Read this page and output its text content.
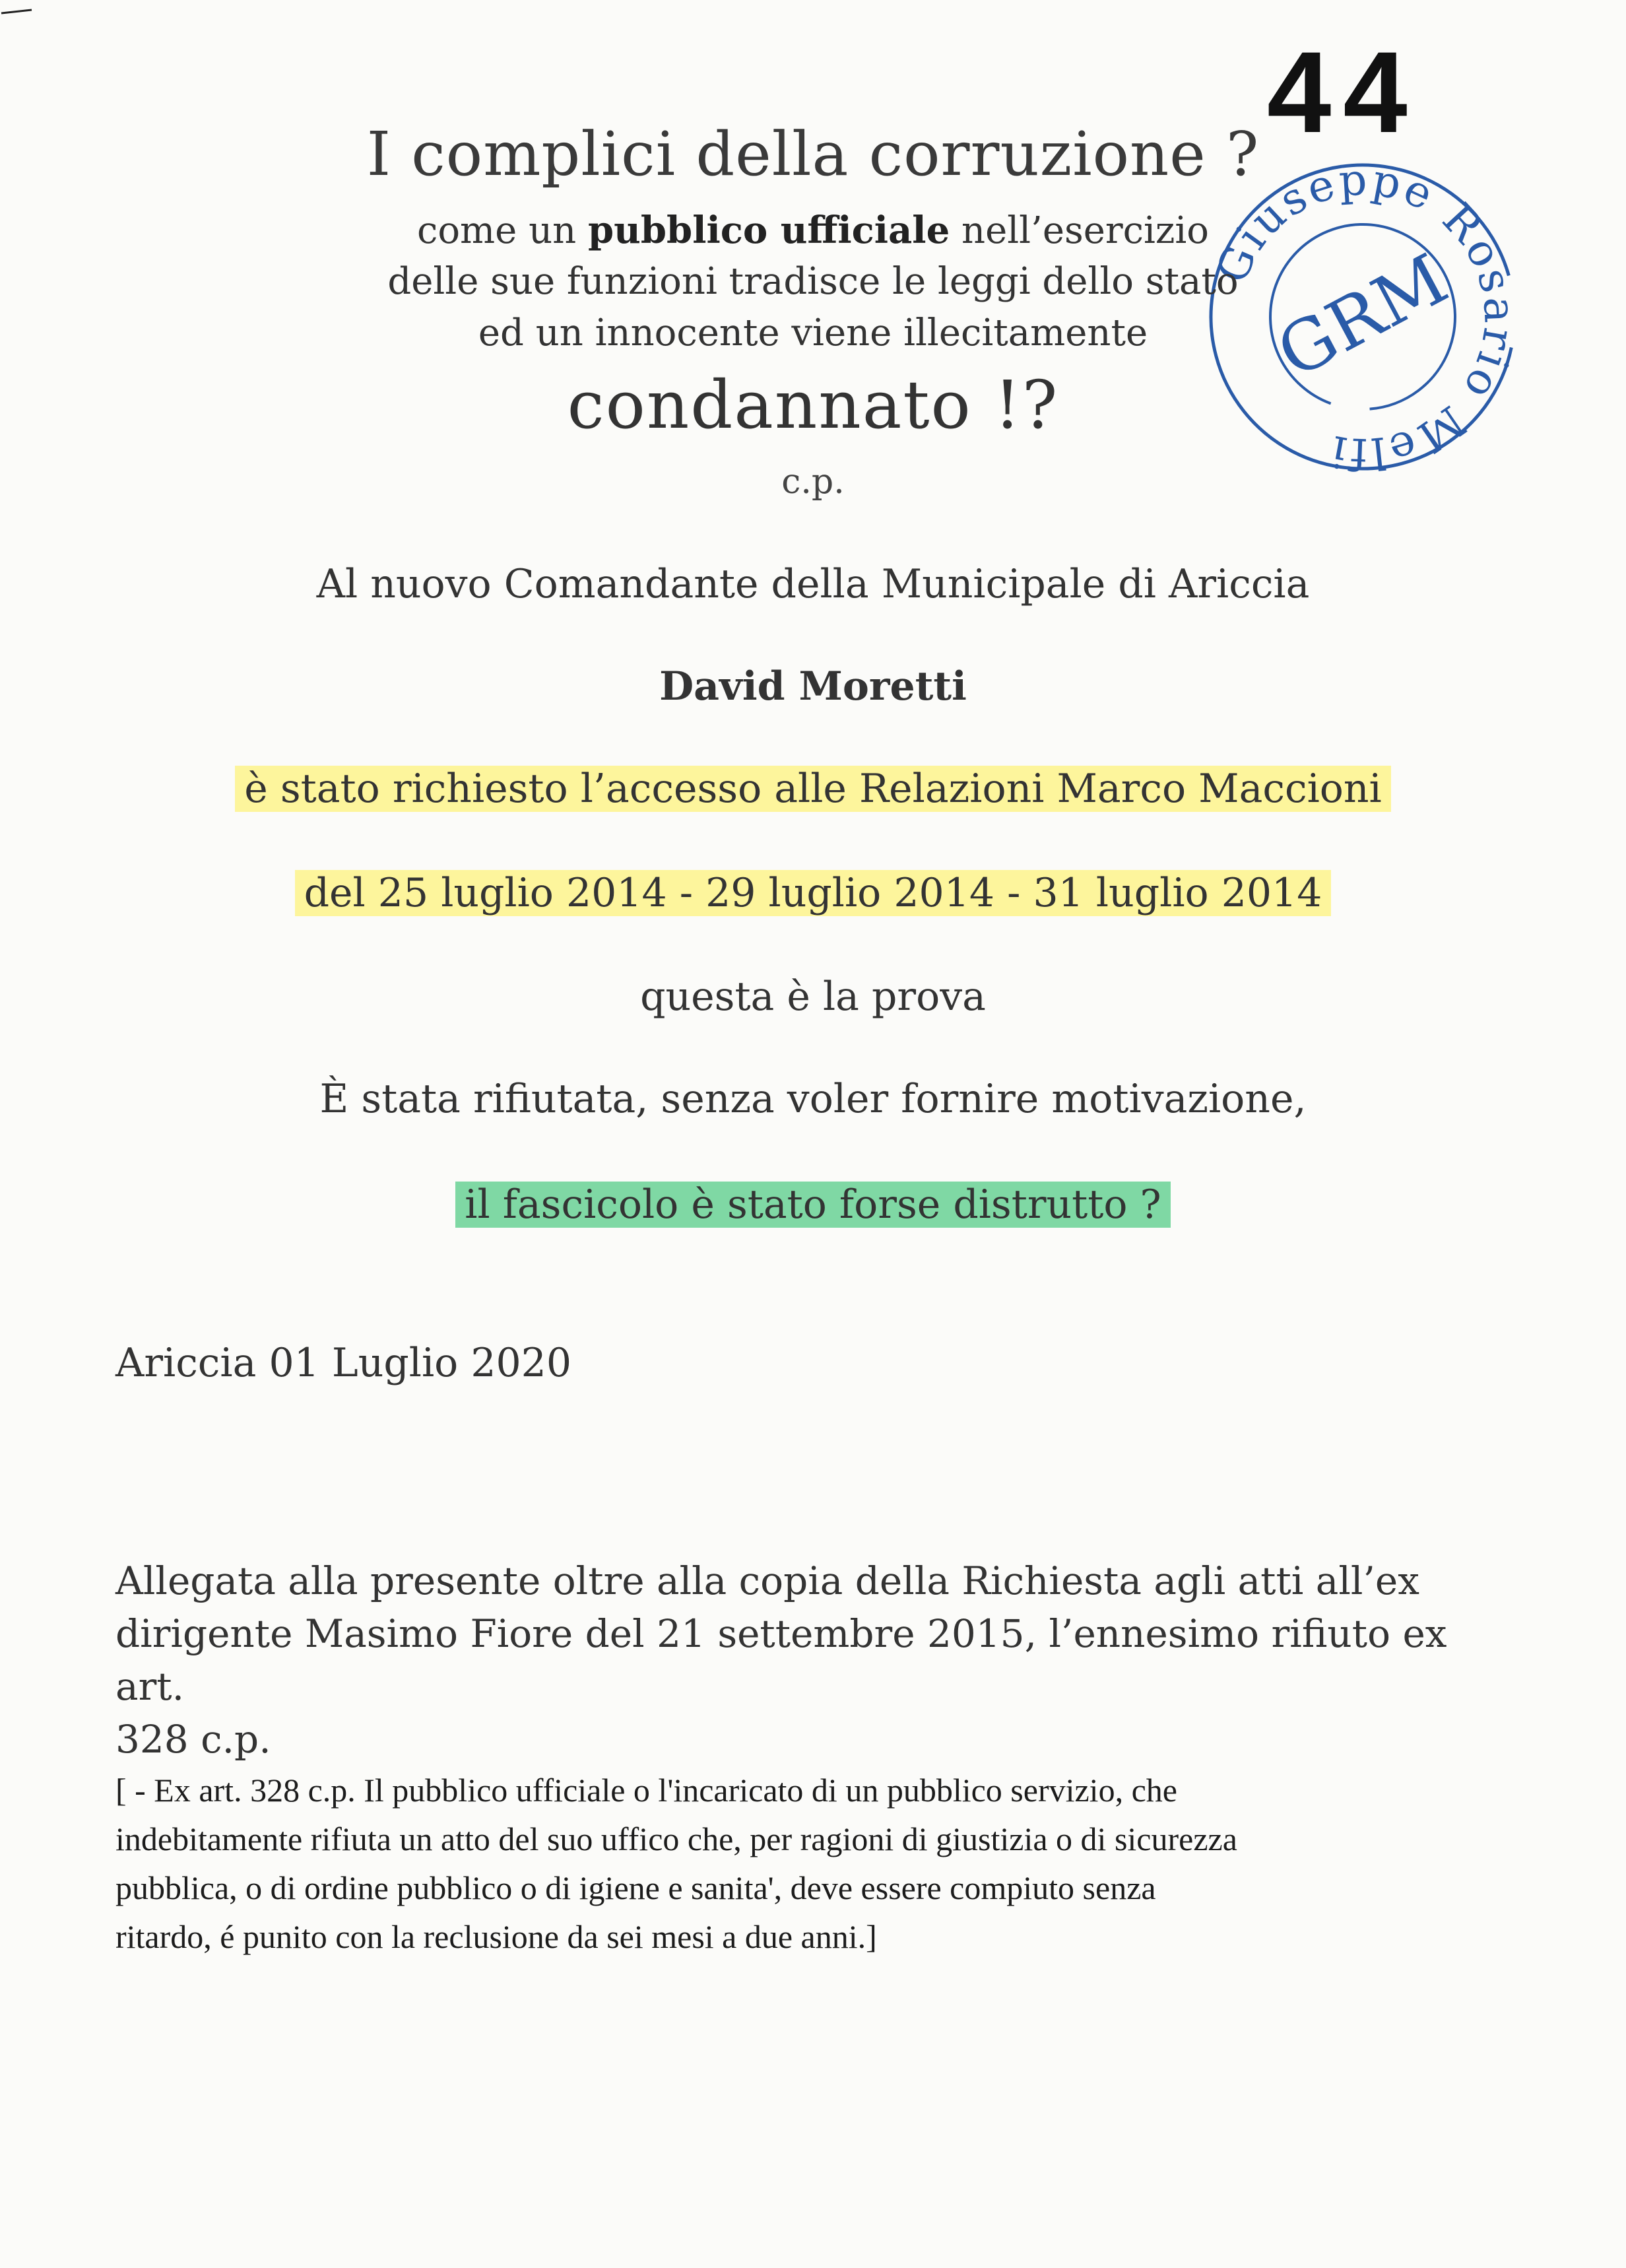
44
Giuseppe Rosario Melfi
GRM
I complici della corruzione ?
come un pubblico ufficiale nell’esercizio
delle sue funzioni tradisce le leggi dello stato
ed un innocente viene illecitamente
condannato !?
c.p.
Al nuovo Comandante della Municipale di Ariccia
David Moretti
è stato richiesto l’accesso alle Relazioni Marco Maccioni
del 25 luglio 2014 - 29 luglio 2014 - 31 luglio 2014
questa è la prova
È stata rifiutata, senza voler fornire motivazione,
il fascicolo è stato forse distrutto ?
Ariccia 01 Luglio 2020
Allegata alla presente oltre alla copia della Richiesta agli atti all’ex
dirigente Masimo Fiore del 21 settembre 2015, l’ennesimo rifiuto ex art.
328 c.p.
[ - Ex art. 328 c.p. Il pubblico ufficiale o l'incaricato di un pubblico servizio, che
indebitamente rifiuta un atto del suo uffico che, per ragioni di giustizia o di sicurezza
pubblica, o di ordine pubblico o di igiene e sanita', deve essere compiuto senza
ritardo, é punito con la reclusione da sei mesi a due anni.]
